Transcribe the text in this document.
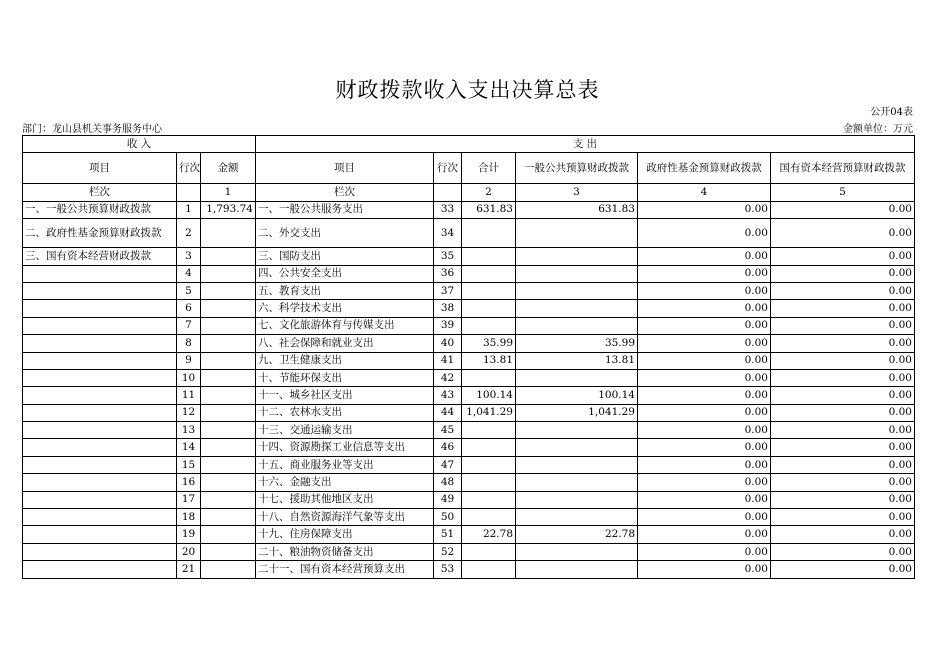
财政拨款收入支出决算总表
公开04表
部门：龙山县机关事务服务中心	金额单位：万元
收 入			支 出					
项目	行次	金额	项目	行次	合计	一般公共预算财政拨款	政府性基金预算财政拨款	国有资本经营预算财政拨款
栏次		1	栏次		2	3	4	5
一、一般公共预算财政拨款	1	1,793.74	一、一般公共服务支出	33	631.83	631.83	0.00	0.00
二、政府性基金预算财政拨款	2		二、外交支出	34			0.00	0.00
三、国有资本经营财政拨款	3		三、国防支出	35			0.00	0.00
	4		四、公共安全支出	36			0.00	0.00
	5		五、教育支出	37			0.00	0.00
	6		六、科学技术支出	38			0.00	0.00
	7		七、文化旅游体育与传媒支出	39			0.00	0.00
	8		八、社会保障和就业支出	40	35.99	35.99	0.00	0.00
	9		九、卫生健康支出	41	13.81	13.81	0.00	0.00
	10		十、节能环保支出	42			0.00	0.00
	11		十一、城乡社区支出	43	100.14	100.14	0.00	0.00
	12		十二、农林水支出	44	1,041.29	1,041.29	0.00	0.00
	13		十三、交通运输支出	45			0.00	0.00
	14		十四、资源勘探工业信息等支出	46			0.00	0.00
	15		十五、商业服务业等支出	47			0.00	0.00
	16		十六、金融支出	48			0.00	0.00
	17		十七、援助其他地区支出	49			0.00	0.00
	18		十八、自然资源海洋气象等支出	50			0.00	0.00
	19		十九、住房保障支出	51	22.78	22.78	0.00	0.00
	20		二十、粮油物资储备支出	52			0.00	0.00
	21		二十一、国有资本经营预算支出	53			0.00	0.00
